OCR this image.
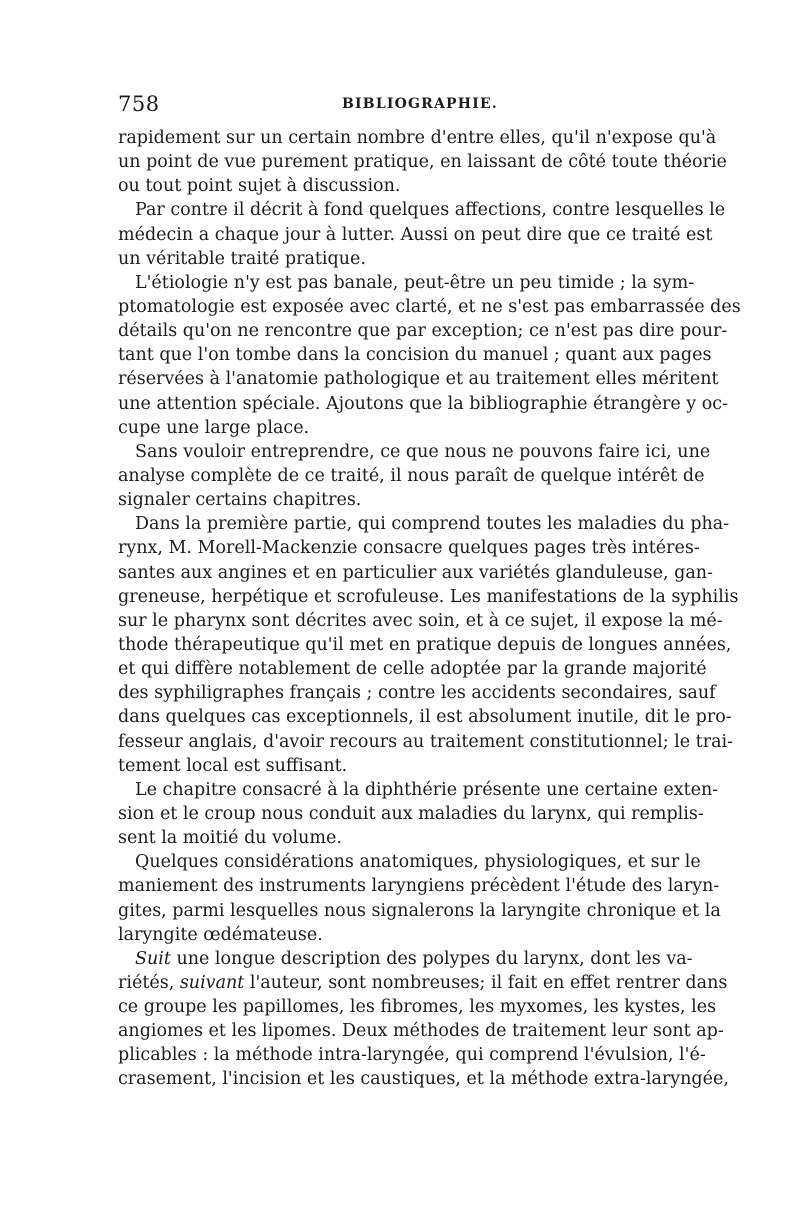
758	BIBLIOGRAPHIE.
rapidement sur un certain nombre d'entre elles, qu'il n'expose qu'à
un point de vue purement pratique, en laissant de côté toute théorie
ou tout point sujet à discussion.
Par contre il décrit à fond quelques affections, contre lesquelles le
médecin a chaque jour à lutter. Aussi on peut dire que ce traité est
un véritable traité pratique.
L'étiologie n'y est pas banale, peut-être un peu timide ; la sym-
ptomatologie est exposée avec clarté, et ne s'est pas embarrassée des
détails qu'on ne rencontre que par exception; ce n'est pas dire pour-
tant que l'on tombe dans la concision du manuel ; quant aux pages
réservées à l'anatomie pathologique et au traitement elles méritent
une attention spéciale. Ajoutons que la bibliographie étrangère y oc-
cupe une large place.
Sans vouloir entreprendre, ce que nous ne pouvons faire ici, une
analyse complète de ce traité, il nous paraît de quelque intérêt de
signaler certains chapitres.
Dans la première partie, qui comprend toutes les maladies du pha-
rynx, M. Morell-Mackenzie consacre quelques pages très intéres-
santes aux angines et en particulier aux variétés glanduleuse, gan-
greneuse, herpétique et scrofuleuse. Les manifestations de la syphilis
sur le pharynx sont décrites avec soin, et à ce sujet, il expose la mé-
thode thérapeutique qu'il met en pratique depuis de longues années,
et qui diffère notablement de celle adoptée par la grande majorité
des syphiligraphes français ; contre les accidents secondaires, sauf
dans quelques cas exceptionnels, il est absolument inutile, dit le pro-
fesseur anglais, d'avoir recours au traitement constitutionnel; le trai-
tement local est suffisant.
Le chapitre consacré à la diphthérie présente une certaine exten-
sion et le croup nous conduit aux maladies du larynx, qui remplis-
sent la moitié du volume.
Quelques considérations anatomiques, physiologiques, et sur le
maniement des instruments laryngiens précèdent l'étude des laryn-
gites, parmi lesquelles nous signalerons la laryngite chronique et la
laryngite œdémateuse.
Suit une longue description des polypes du larynx, dont les va-
riétés, suivant l'auteur, sont nombreuses; il fait en effet rentrer dans
ce groupe les papillomes, les fibromes, les myxomes, les kystes, les
angiomes et les lipomes. Deux méthodes de traitement leur sont ap-
plicables : la méthode intra-laryngée, qui comprend l'évulsion, l'é-
crasement, l'incision et les caustiques, et la méthode extra-laryngée,
